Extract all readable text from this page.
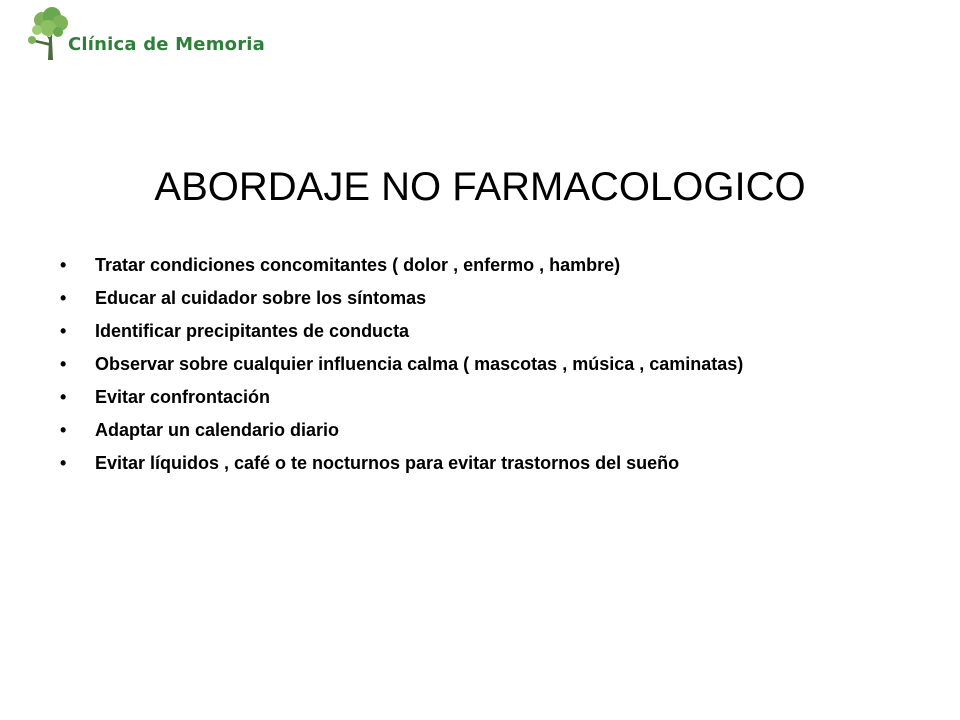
Clínica de Memoria
ABORDAJE NO FARMACOLOGICO
• Tratar condiciones concomitantes ( dolor , enfermo , hambre)
• Educar al cuidador sobre los síntomas
• Identificar precipitantes de conducta
• Observar sobre cualquier influencia calma ( mascotas , música , caminatas)
• Evitar confrontación
• Adaptar un calendario diario
• Evitar líquidos , café o te nocturnos para evitar trastornos del sueño
